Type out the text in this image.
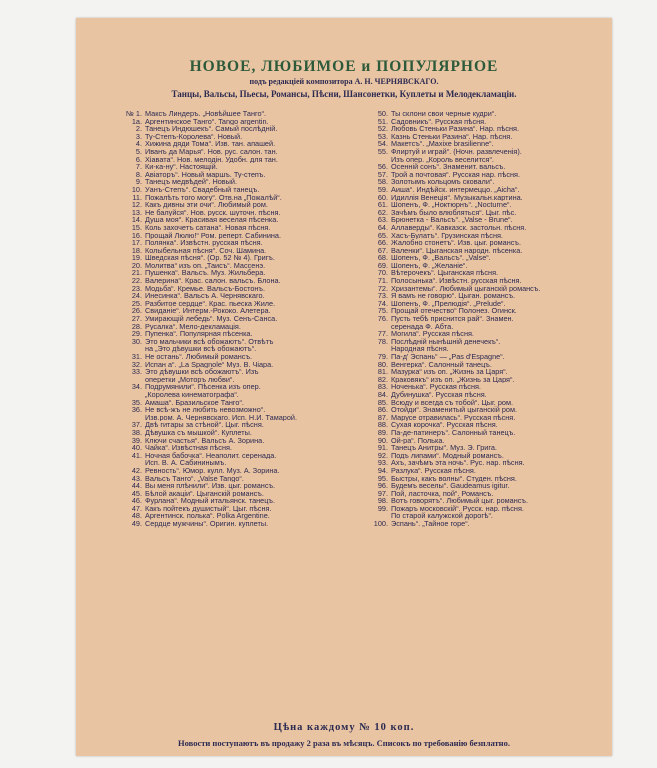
НОВОЕ, ЛЮБИМОЕ и ПОПУЛЯРНОЕ
подъ редакціей композитора А. Н. ЧЕРНЯВСКАГО.
Танцы, Вальсы, Пьесы, Романсы, Пѣсни, Шансонетки, Куплеты и Мелодекламаціи.
№ 1. Максъ Линдеръ. „Новѣйшее Танго“.
1а. Аргентинское Танго“. Tango argentin.
2. Танецъ Индюшекъ“. Самый послѣдній.
3. Ту-Степъ-Королева“. Новый.
4. Хижина дяди Тома“. Изв. тан. апашей.
5. Иванъ да Марья“. Нов. рус. салон. тан.
6. Хіавата“. Нов. мелодін. Удобн. для тан.
7. Ки-ка-ну“. Настоящій.
8. Авіаторъ“. Новый маршъ. Ту-степъ.
9. Танецъ медвѣдей“. Новый.
10. Уанъ-Степъ“. Свадебный танецъ.
11. Пожалѣть того могу“. Отв.на „Пожалѣй“.
12. Какъ дивны эти очи“. Любимый ром.
13. Не балуйся“. Нов. русск. шуточн. пѣсня.
14. Душа моя“. Красивая веселая пѣсенка.
15. Коль захочетъ сатана“. Новая пѣсня.
16. Прощай Люлю!“ Ром. реперт. Сабинина.
17. Полянка“. Извѣстн. русская пѣсня.
18. Колыбельная пѣсня“. Соч. Шамина.
19. Шведская пѣсня“. (Ор. 52 № 4). Григъ.
20. Молитва“ изъ оп. „Таисъ“. Массенэ.
21. Пушенка“. Вальсъ. Муз. Жильбера.
22. Валерина“. Крас. салон. вальсъ. Блона.
23. Модьба“. Кремье. Вальсъ-Бостонъ.
24. Инесинка“. Вальсъ А. Чернявскаго.
25. Разбитое сердце“. Крас. пьеска Жиле.
26. Свиданіе“. Интерм.-Рококо. Алетера.
27. Умирающій лебедь“. Муз. Сенъ-Санса.
28. Русалка“. Мело-декламація.
29. Пупенка“. Популярная пѣсенка.
30. Это мальчики всѣ обожаютъ“. Отвѣтъ
на „Это дѣвушки всѣ обожаютъ“.
31. Не остань“. Любимый романсъ.
32. Испан а“. „La Spagnole“ Муз. В. Чіара.
33. Это дѣвушки всѣ обожаютъ“. Изъ
оперетки „Моторъ любви“.
34. Подрумянили“. Пѣсенка изъ опер.
„Королева кинематографа“.
35. Амаша“. Бразильское Танго“.
36. Не всѣ-жъ не любить невозможно“.
Изв.ром. А. Чернявскаго. Исп. Н.И. Тамарой.
37. Двѣ гитары за стѣной“. Цыг. пѣсня.
38. Дѣвушка съ мышкой“. Куплеты.
39. Ключи счастья“. Вальсъ А. Зорина.
40. Чайка“. Извѣстная пѣсня.
41. Ночная бабочка“. Неаполит. серенада.
Исп. В. А. Сабининымъ.
42. Ревность“. Юмор. кулл. Муз. А. Зорина.
43. Вальсъ Танго“. „Valse Tango“.
44. Вы меня плѣнили“. Изв. цыг. романсъ.
45. Бѣлой акаціи“. Цыганскій романсъ.
46. Фурлана“. Модный итальянск. танецъ.
47. Какъ пойтекъ душистый“. Цыг. пѣсня.
48. Аргентинск. полька“. Polka Argentine.
49. Сердце мужчины“. Оригин. куплеты.
50. Ты склони свои черные кудри“.
51. Садовникъ“. Русская пѣсня.
52. Любовь Стеньки Разина“. Нар. пѣсня.
53. Казнь Стеньки Разина“. Нар. пѣсня.
54. Макетсъ“. „Maxixe brasilienne“.
55. Флиртуй и играй“. (Ночн. развлеченія).
Изъ опер. „Король веселится“.
56. Осенній сонъ“. Знаменит. вальсъ.
57. Трой а почтовая“. Русская нар. пѣсня.
58. Золотымъ кольцомъ сковали“.
59. Аиша“. Индѣйск. интермеццо. „Aicha“.
60. Идиллія Венеція“. Музыкальн.картина.
61. Шопенъ, Ф. „Ноктюрнъ“. „Nocturne“.
62. Зачѣмъ было влюбляться“. Цыг. пѣс.
63. Брюнетка - Вальсъ“. „Valse - Brune“.
64. Аллаверды“. Кавказск. застольн. пѣсня.
65. Хасъ-Булатъ“. Грузинская пѣсня.
66. Жалобно стонетъ“. Изв. цыг. романсъ.
67. Валенки“. Цыганская народн. пѣсенка.
68. Шопенъ, Ф. „Вальсъ“. „Valse“.
69. Шопенъ, Ф. „Желаніе“.
70. Вѣтерочекъ“. Цыганская пѣсня.
71. Полосынька“. Извѣстн. русская пѣсня.
72. Хризантемы“. Любимый цыганскій романсъ.
73. Я вамъ не говорю“. Цыган. романсъ.
74. Шопенъ, Ф. „Прелюдія“. „Prelude“.
75. Прощай отечество“ Полонез. Огинск.
76. Пусть тебѣ приснится рай“. Знамен.
серенада Ф. Абта.
77. Могила“. Русская пѣсня.
78. Послѣдній нынѣшній денечекъ“.
Народная пѣсня.
79. Па-д' Эспань“ — „Pas d'Espagne“.
80. Венгерка“. Салонный танецъ.
81. Мазурка“ изъ оп. „Жизнь за Царя“.
82. Краковякъ“ изъ оп. „Жизнь за Царя“.
83. Ноченька“. Русская пѣсня.
84. Дубинушка“. Русская пѣсня.
85. Всюду и всегда съ тобой“. Цыг. ром.
86. Отойди“. Знаменитый цыганскій ром.
87. Марусе отравилась“. Русская пѣсня.
88. Сухая корочка“. Русская пѣсня.
89. Па-де-патинеръ“. Салонный танецъ.
90. Ой-ра“. Полька.
91. Танецъ Анитры“. Муз. Э. Грига.
92. Подъ липами“. Модный романсъ.
93. Ахъ, зачѣмъ эта ночь“. Рус. нар. пѣсня.
94. Разлука“. Русская пѣсня.
95. Быстры, какъ волны“. Студен. пѣсня.
96. Будемъ веселы“. Gaudeamus igitur.
97. Пой, ласточка, пой“. Романсъ.
98. Вотъ говорятъ“. Любимый цыг. романсъ.
99. Пожаръ московскій“. Русск. нар. пѣсня.
По старой калужской дорогѣ“.
100. Эспань“. „Тайное горе“.
Цѣна каждому № 10 коп.
Новости поступаютъ въ продажу 2 раза въ мѣсяцъ. Списокъ по требованію безплатно.
